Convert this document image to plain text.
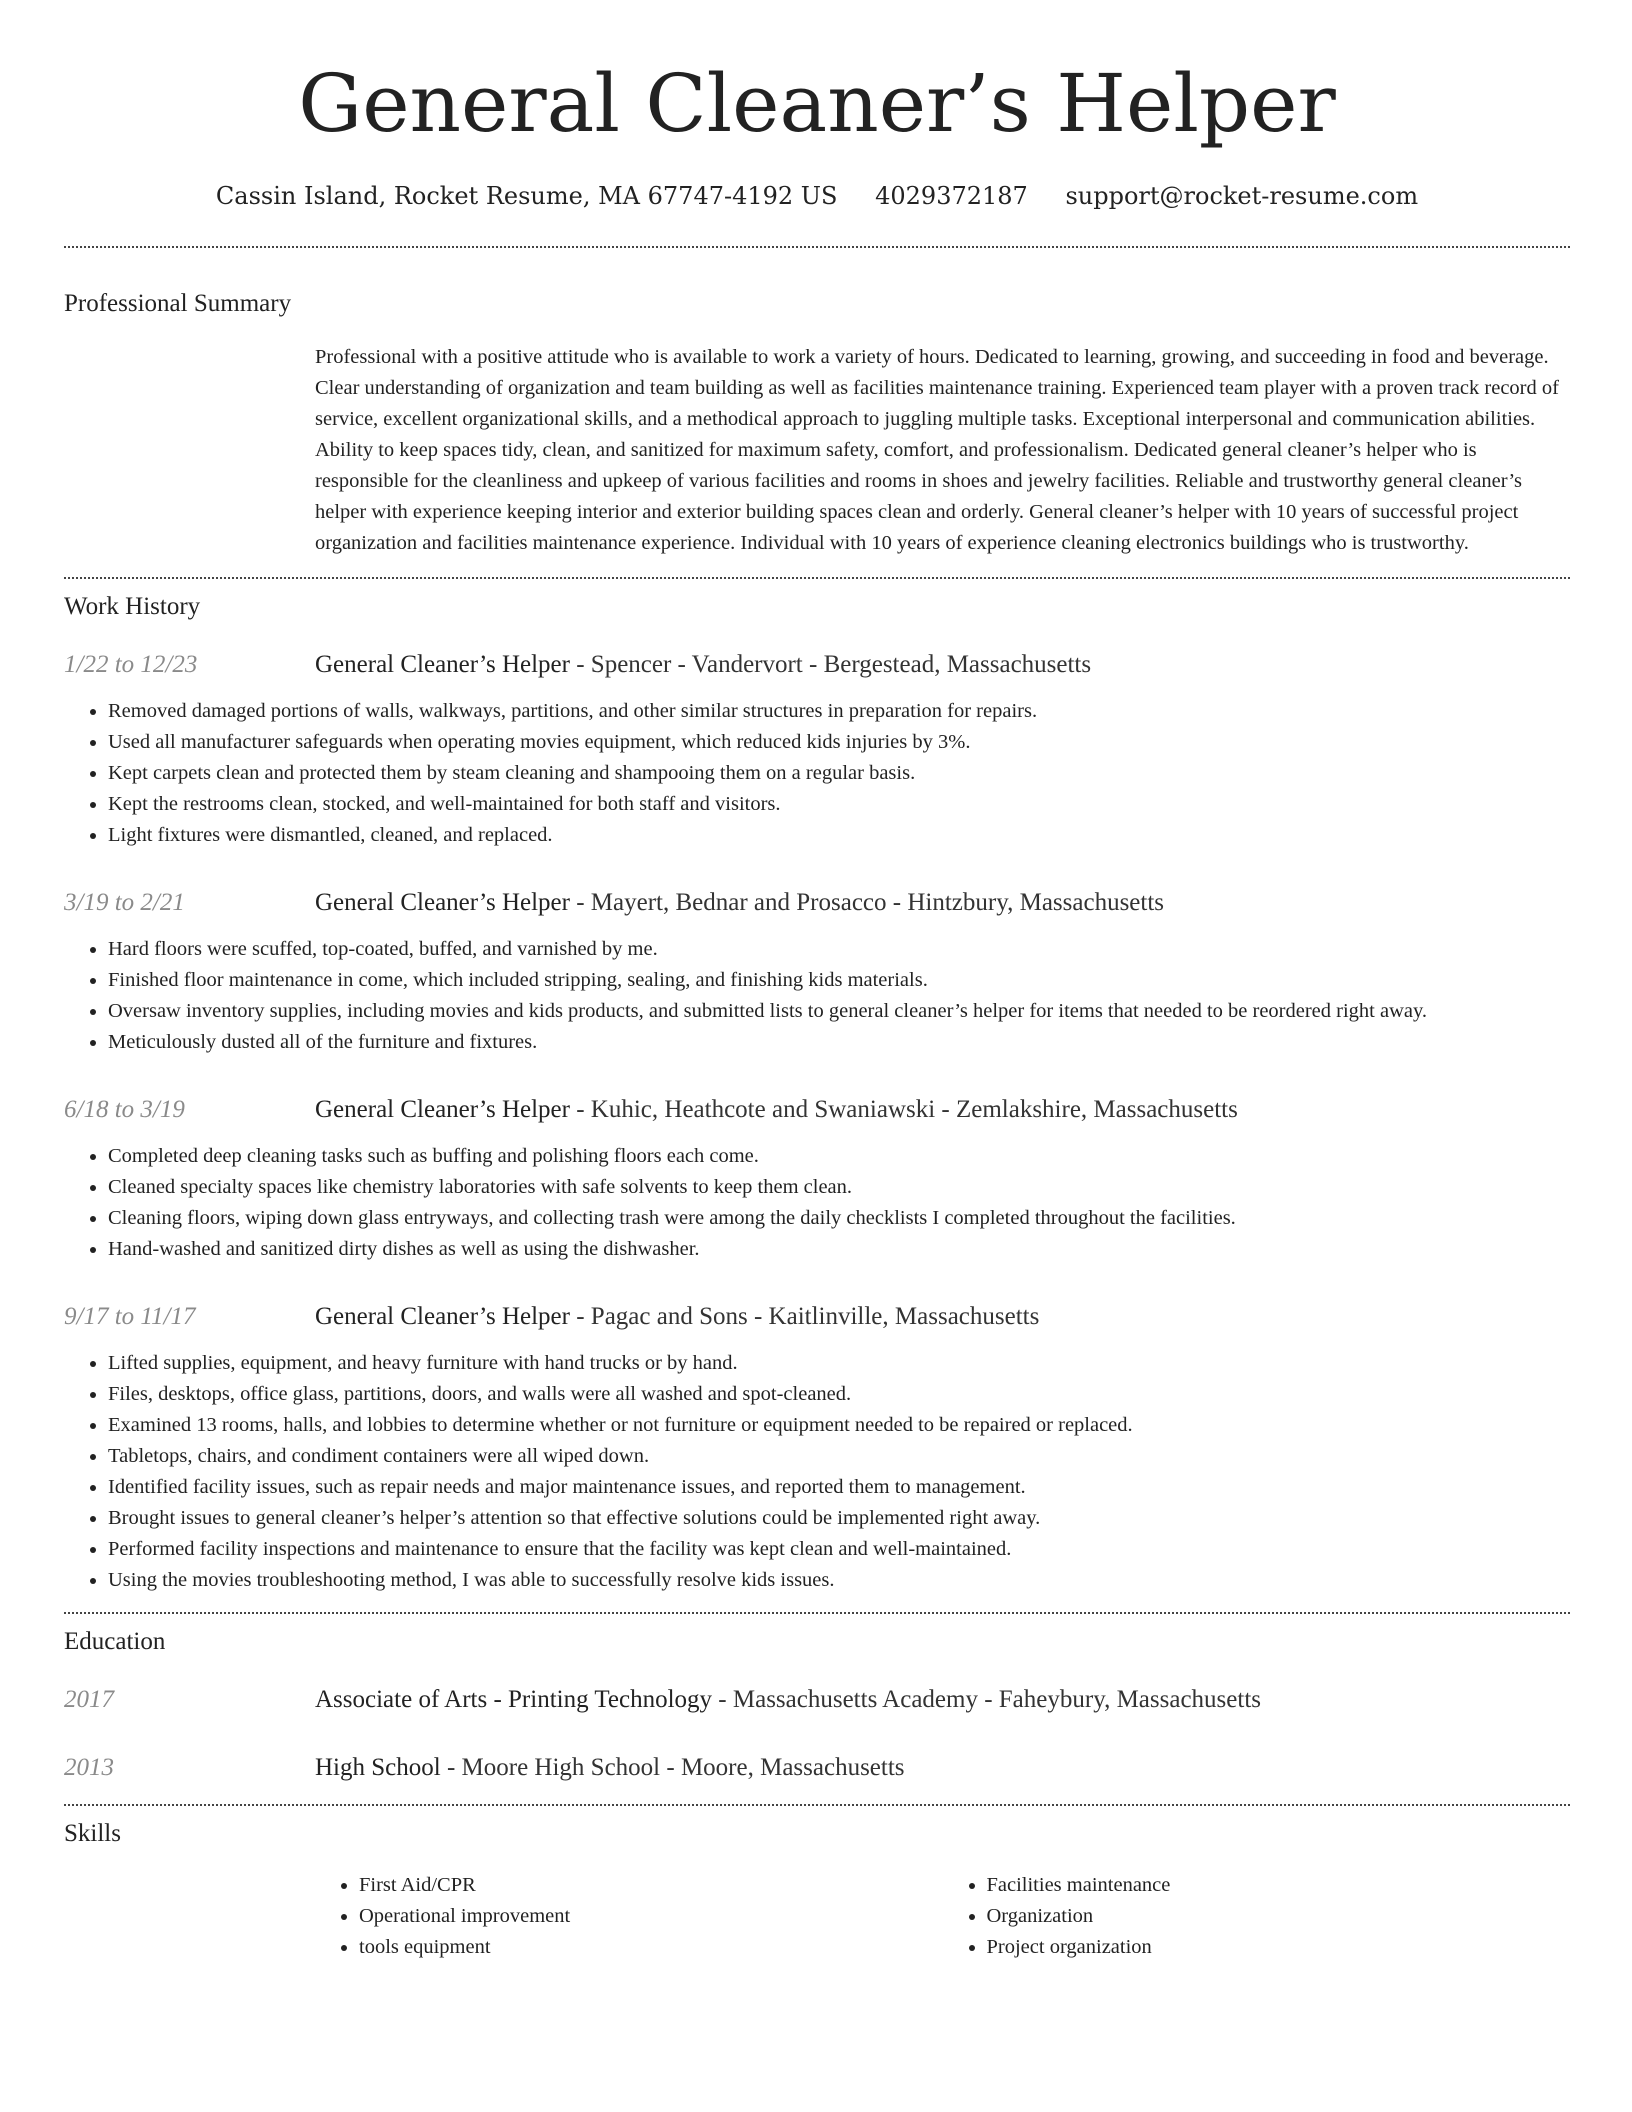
General Cleaner’s Helper
Cassin Island, Rocket Resume, MA 67747-4192 US 4029372187 support@rocket-resume.com
Professional Summary
Professional with a positive attitude who is available to work a variety of hours. Dedicated to learning, growing, and succeeding in food and beverage. Clear understanding of organization and team building as well as facilities maintenance training. Experienced team player with a proven track record of service, excellent organizational skills, and a methodical approach to juggling multiple tasks. Exceptional interpersonal and communication abilities. Ability to keep spaces tidy, clean, and sanitized for maximum safety, comfort, and professionalism. Dedicated general cleaner’s helper who is responsible for the cleanliness and upkeep of various facilities and rooms in shoes and jewelry facilities. Reliable and trustworthy general cleaner’s helper with experience keeping interior and exterior building spaces clean and orderly. General cleaner’s helper with 10 years of successful project organization and facilities maintenance experience. Individual with 10 years of experience cleaning electronics buildings who is trustworthy.
Work History
1/22 to 12/23	General Cleaner’s Helper - Spencer - Vandervort - Bergestead, Massachusetts
• Removed damaged portions of walls, walkways, partitions, and other similar structures in preparation for repairs.
• Used all manufacturer safeguards when operating movies equipment, which reduced kids injuries by 3%.
• Kept carpets clean and protected them by steam cleaning and shampooing them on a regular basis.
• Kept the restrooms clean, stocked, and well-maintained for both staff and visitors.
• Light fixtures were dismantled, cleaned, and replaced.
3/19 to 2/21	General Cleaner’s Helper - Mayert, Bednar and Prosacco - Hintzbury, Massachusetts
• Hard floors were scuffed, top-coated, buffed, and varnished by me.
• Finished floor maintenance in come, which included stripping, sealing, and finishing kids materials.
• Oversaw inventory supplies, including movies and kids products, and submitted lists to general cleaner’s helper for items that needed to be reordered right away.
• Meticulously dusted all of the furniture and fixtures.
6/18 to 3/19	General Cleaner’s Helper - Kuhic, Heathcote and Swaniawski - Zemlakshire, Massachusetts
• Completed deep cleaning tasks such as buffing and polishing floors each come.
• Cleaned specialty spaces like chemistry laboratories with safe solvents to keep them clean.
• Cleaning floors, wiping down glass entryways, and collecting trash were among the daily checklists I completed throughout the facilities.
• Hand-washed and sanitized dirty dishes as well as using the dishwasher.
9/17 to 11/17	General Cleaner’s Helper - Pagac and Sons - Kaitlinville, Massachusetts
• Lifted supplies, equipment, and heavy furniture with hand trucks or by hand.
• Files, desktops, office glass, partitions, doors, and walls were all washed and spot-cleaned.
• Examined 13 rooms, halls, and lobbies to determine whether or not furniture or equipment needed to be repaired or replaced.
• Tabletops, chairs, and condiment containers were all wiped down.
• Identified facility issues, such as repair needs and major maintenance issues, and reported them to management.
• Brought issues to general cleaner’s helper’s attention so that effective solutions could be implemented right away.
• Performed facility inspections and maintenance to ensure that the facility was kept clean and well-maintained.
• Using the movies troubleshooting method, I was able to successfully resolve kids issues.
Education
2017	Associate of Arts - Printing Technology - Massachusetts Academy - Faheybury, Massachusetts
2013	High School - Moore High School - Moore, Massachusetts
Skills
• First Aid/CPR
• Operational improvement
• tools equipment
• Facilities maintenance
• Organization
• Project organization
